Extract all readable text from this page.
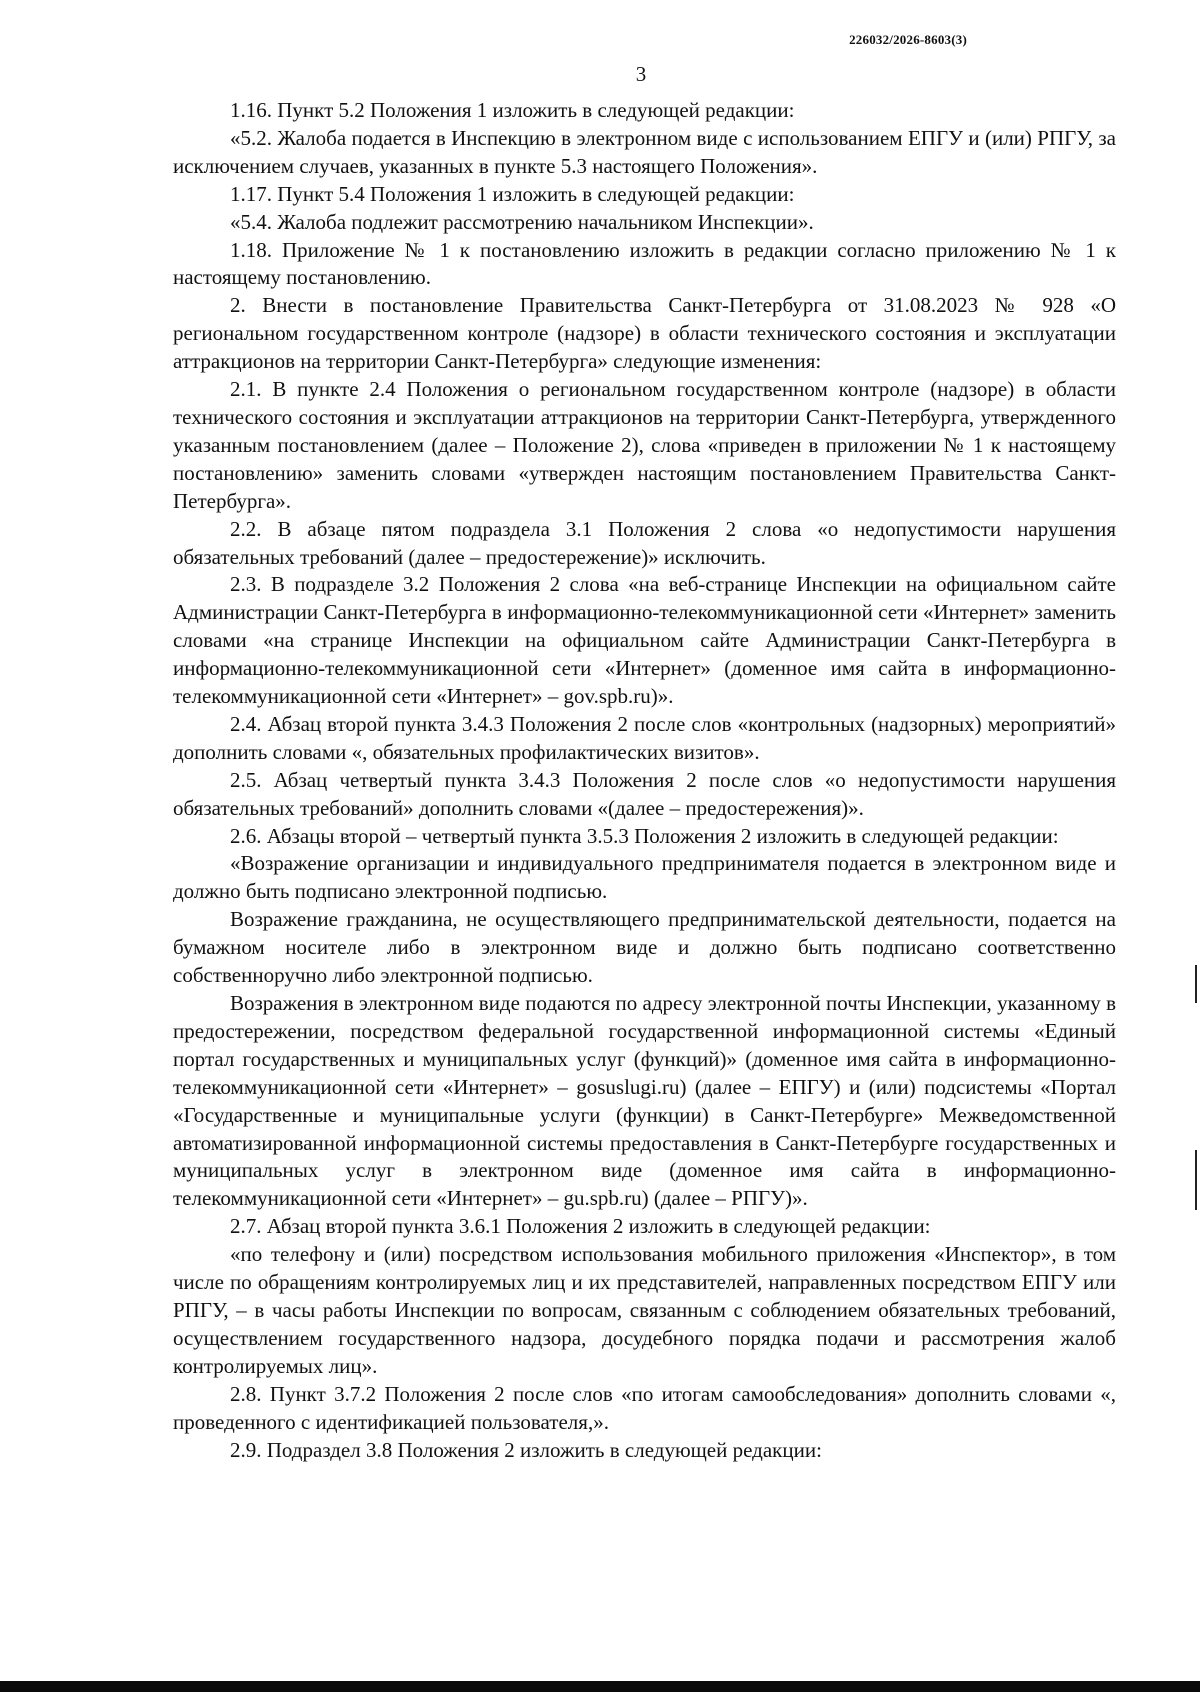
226032/2026-8603(3)
3

1.16. Пункт 5.2 Положения 1 изложить в следующей редакции:

«5.2. Жалоба подается в Инспекцию в электронном виде с использованием ЕПГУ и (или) РПГУ, за исключением случаев, указанных в пункте 5.3 настоящего Положения».

1.17. Пункт 5.4 Положения 1 изложить в следующей редакции:

«5.4. Жалоба подлежит рассмотрению начальником Инспекции».

1.18. Приложение № 1 к постановлению изложить в редакции согласно приложению № 1 к настоящему постановлению.

2. Внести в постановление Правительства Санкт-Петербурга от 31.08.2023 № 928 «О региональном государственном контроле (надзоре) в области технического состояния и эксплуатации аттракционов на территории Санкт-Петербурга» следующие изменения:

2.1. В пункте 2.4 Положения о региональном государственном контроле (надзоре) в области технического состояния и эксплуатации аттракционов на территории Санкт-Петербурга, утвержденного указанным постановлением (далее – Положение 2), слова «приведен в приложении № 1 к настоящему постановлению» заменить словами «утвержден настоящим постановлением Правительства Санкт-Петербурга».

2.2. В абзаце пятом подраздела 3.1 Положения 2 слова «о недопустимости нарушения обязательных требований (далее – предостережение)» исключить.

2.3. В подразделе 3.2 Положения 2 слова «на веб-странице Инспекции на официальном сайте Администрации Санкт-Петербурга в информационно-телекоммуникационной сети «Интернет» заменить словами «на странице Инспекции на официальном сайте Администрации Санкт-Петербурга в информационно-телекоммуникационной сети «Интернет» (доменное имя сайта в информационно-телекоммуникационной сети «Интернет» – gov.spb.ru)».

2.4. Абзац второй пункта 3.4.3 Положения 2 после слов «контрольных (надзорных) мероприятий» дополнить словами «, обязательных профилактических визитов».

2.5. Абзац четвертый пункта 3.4.3 Положения 2 после слов «о недопустимости нарушения обязательных требований» дополнить словами «(далее – предостережения)».

2.6. Абзацы второй – четвертый пункта 3.5.3 Положения 2 изложить в следующей редакции:

«Возражение организации и индивидуального предпринимателя подается в электронном виде и должно быть подписано электронной подписью.

Возражение гражданина, не осуществляющего предпринимательской деятельности, подается на бумажном носителе либо в электронном виде и должно быть подписано соответственно собственноручно либо электронной подписью.

Возражения в электронном виде подаются по адресу электронной почты Инспекции, указанному в предостережении, посредством федеральной государственной информационной системы «Единый портал государственных и муниципальных услуг (функций)» (доменное имя сайта в информационно-телекоммуникационной сети «Интернет» – gosuslugi.ru) (далее – ЕПГУ) и (или) подсистемы «Портал «Государственные и муниципальные услуги (функции) в Санкт-Петербурге» Межведомственной автоматизированной информационной системы предоставления в Санкт-Петербурге государственных и муниципальных услуг в электронном виде (доменное имя сайта в информационно-телекоммуникационной сети «Интернет» – gu.spb.ru) (далее – РПГУ)».

2.7. Абзац второй пункта 3.6.1 Положения 2 изложить в следующей редакции:

«по телефону и (или) посредством использования мобильного приложения «Инспектор», в том числе по обращениям контролируемых лиц и их представителей, направленных посредством ЕПГУ или РПГУ, – в часы работы Инспекции по вопросам, связанным с соблюдением обязательных требований, осуществлением государственного надзора, досудебного порядка подачи и рассмотрения жалоб контролируемых лиц».

2.8. Пункт 3.7.2 Положения 2 после слов «по итогам самообследования» дополнить словами «, проведенного с идентификацией пользователя,».

2.9. Подраздел 3.8 Положения 2 изложить в следующей редакции:
